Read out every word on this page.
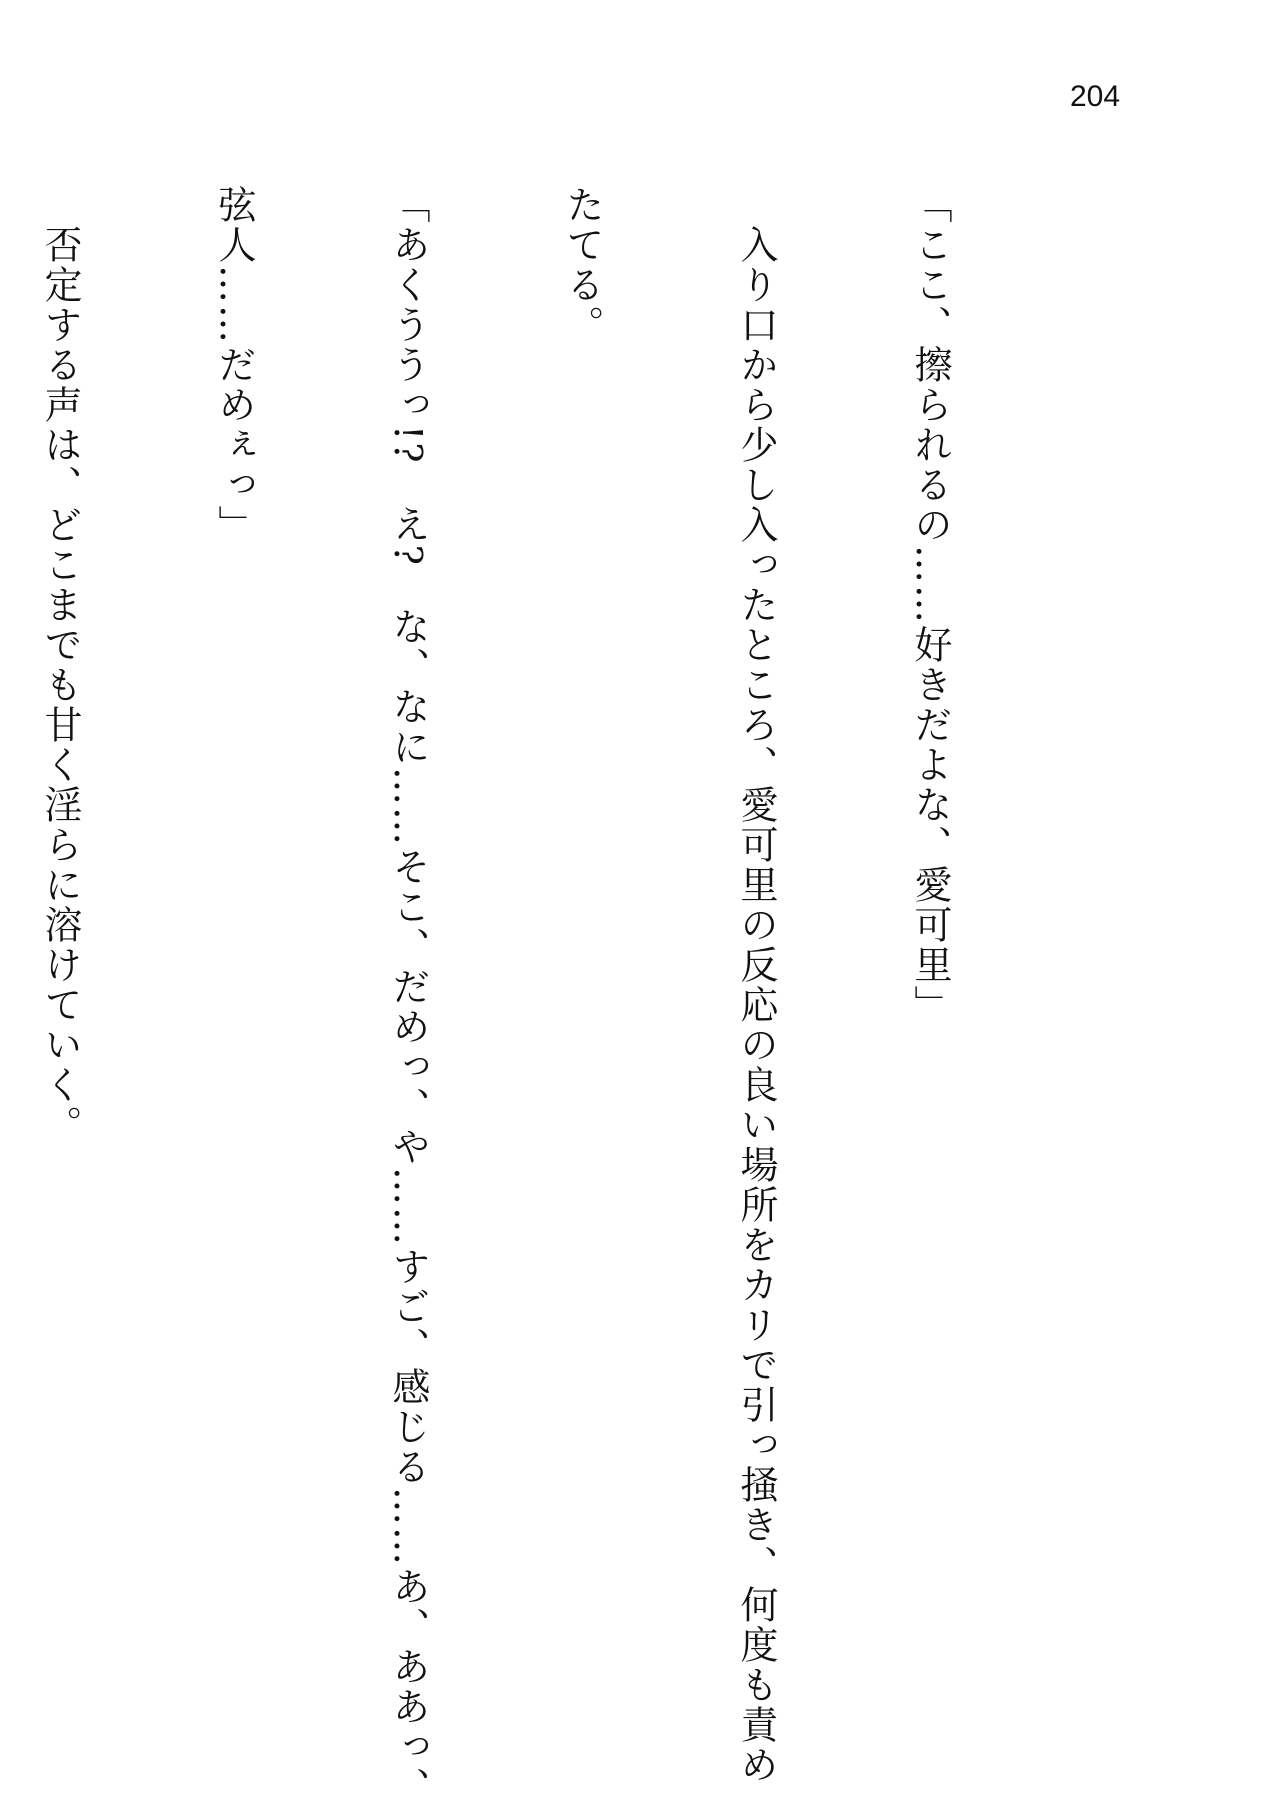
204

「ここ、擦られるの……好きだよな、愛可里」

　入り口から少し入ったところ、愛可里の反応の良い場所をカリで引っ掻き、何度も責め

たてる。

「あくううっ!?　え?　な、なに……そこ、だめっ、や……すご、感じる……あ、ああっ、

弦人……だめぇっ」

　否定する声は、どこまでも甘く淫らに溶けていく。
